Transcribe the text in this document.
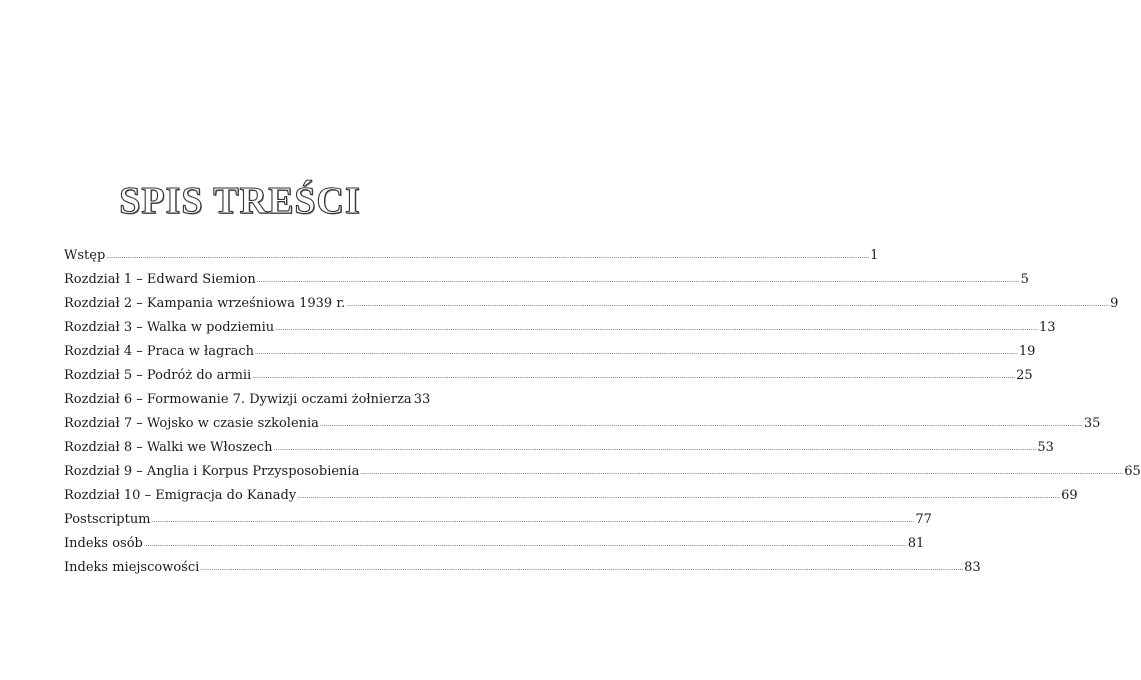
SPIS TREŚCI
Wstęp ................................................................................................................................................................................................................................................................................................................................................................................................................ 1
Rozdział 1 – Edward Siemion ................................................................................................................................................................................................................................................................................................................................................................................................................ 5
Rozdział 2 – Kampania wrześniowa 1939 r. ................................................................................................................................................................................................................................................................................................................................................................................................................ 9
Rozdział 3 – Walka w podziemiu ................................................................................................................................................................................................................................................................................................................................................................................................................ 13
Rozdział 4 – Praca w łagrach ................................................................................................................................................................................................................................................................................................................................................................................................................ 19
Rozdział 5 – Podróż do armii ................................................................................................................................................................................................................................................................................................................................................................................................................ 25
Rozdział 6 – Formowanie 7. Dywizji oczami żołnierza 33
Rozdział 7 – Wojsko w czasie szkolenia ................................................................................................................................................................................................................................................................................................................................................................................................................ 35
Rozdział 8 – Walki we Włoszech ................................................................................................................................................................................................................................................................................................................................................................................................................ 53
Rozdział 9 – Anglia i Korpus Przysposobienia ................................................................................................................................................................................................................................................................................................................................................................................................................ 65
Rozdział 10 – Emigracja do Kanady ................................................................................................................................................................................................................................................................................................................................................................................................................ 69
Postscriptum ................................................................................................................................................................................................................................................................................................................................................................................................................ 77
Indeks osób ................................................................................................................................................................................................................................................................................................................................................................................................................ 81
Indeks miejscowości ................................................................................................................................................................................................................................................................................................................................................................................................................ 83
